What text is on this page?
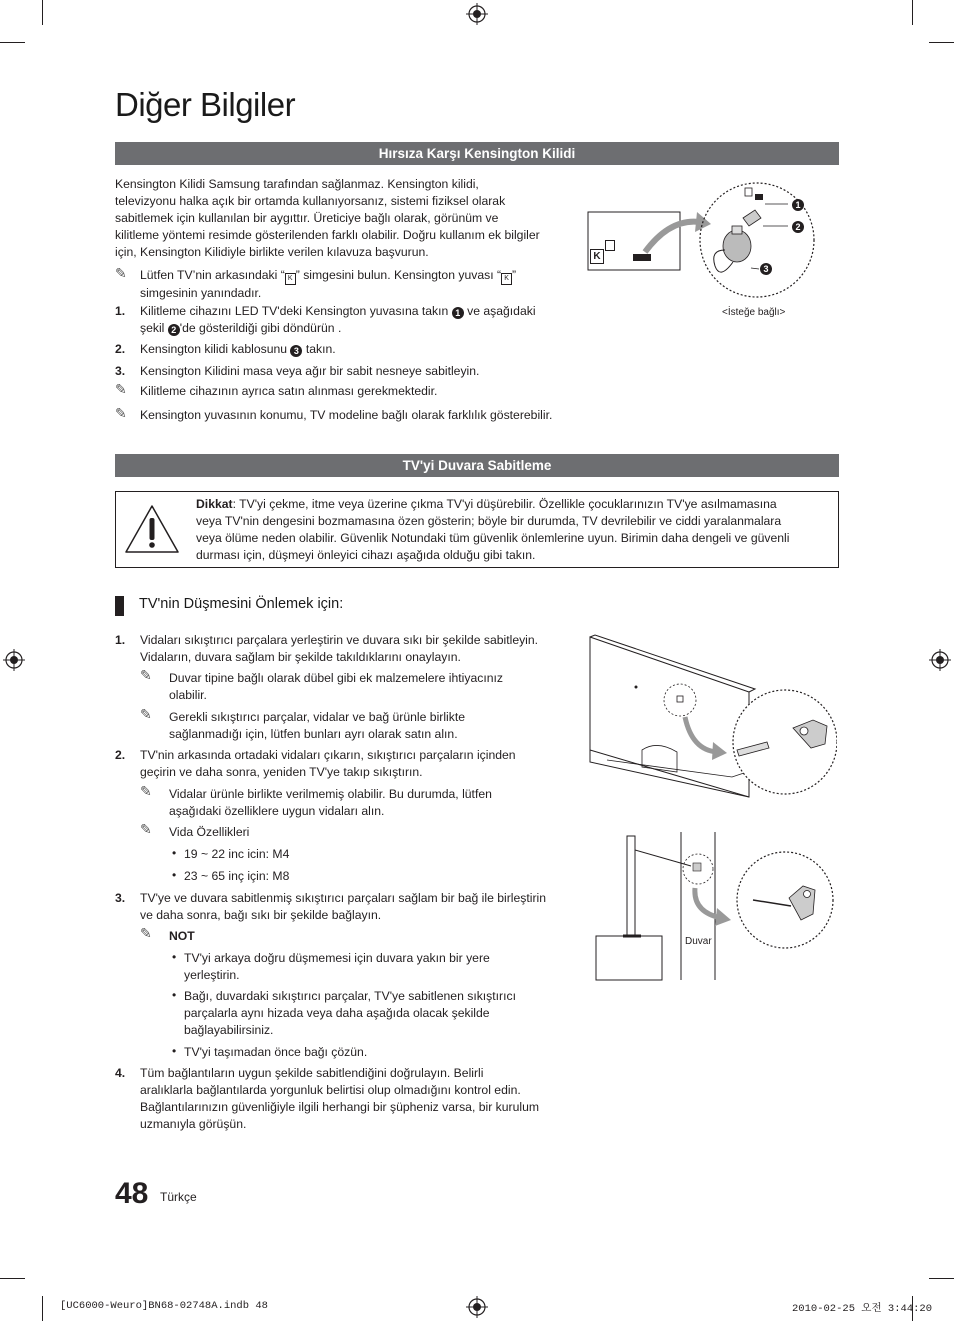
Diğer Bilgiler
Hırsıza Karşı Kensington Kilidi
Kensington Kilidi Samsung tarafından sağlanmaz. Kensington kilidi,
televizyonu halka açık bir ortamda kullanıyorsanız, sistemi fiziksel olarak
sabitlemek için kullanılan bir aygıttır. Üreticiye bağlı olarak, görünüm ve
kilitleme yöntemi resimde gösterilenden farklı olabilir. Doğru kullanım ek bilgiler
için, Kensington Kilidiyle birlikte verilen kılavuza başvurun.
✎ Lütfen TV’nin arkasındaki “ K ” simgesini bulun. Kensington yuvası “ K ”
simgesinin yanındadır.
1. Kilitleme cihazını LED TV'deki Kensington yuvasına takın 1 ve aşağıdaki
şekil 2 'de gösterildiği gibi döndürün .
2. Kensington kilidi kablosunu 3 takın.
3. Kensington Kilidini masa veya ağır bir sabit nesneye sabitleyin.
✎ Kilitleme cihazının ayrıca satın alınması gerekmektedir.
✎ Kensington yuvasının konumu, TV modeline bağlı olarak farklılık gösterebilir.
K
1
2
3
<İsteğe bağlı>
TV'yi Duvara Sabitleme
Dikkat: TV'yi çekme, itme veya üzerine çıkma TV'yi düşürebilir. Özellikle çocuklarınızın TV'ye asılmamasına
veya TV'nin dengesini bozmamasına özen gösterin; böyle bir durumda, TV devrilebilir ve ciddi yaralanmalara
veya ölüme neden olabilir. Güvenlik Notundaki tüm güvenlik önlemlerine uyun. Birimin daha dengeli ve güvenli
durması için, düşmeyi önleyici cihazı aşağıda olduğu gibi takın.
TV'nin Düşmesini Önlemek için:
1. Vidaları sıkıştırıcı parçalara yerleştirin ve duvara sıkı bir şekilde sabitleyin.
Vidaların, duvara sağlam bir şekilde takıldıklarını onaylayın.
✎ Duvar tipine bağlı olarak dübel gibi ek malzemelere ihtiyacınız
olabilir.
✎ Gerekli sıkıştırıcı parçalar, vidalar ve bağ ürünle birlikte
sağlanmadığı için, lütfen bunları ayrı olarak satın alın.
2. TV'nin arkasında ortadaki vidaları çıkarın, sıkıştırıcı parçaların içinden
geçirin ve daha sonra, yeniden TV'ye takıp sıkıştırın.
✎ Vidalar ürünle birlikte verilmemiş olabilir. Bu durumda, lütfen
aşağıdaki özelliklere uygun vidaları alın.
✎ Vida Özellikleri
• 19 ~ 22 inc icin: M4
• 23 ~ 65 inç için: M8
3. TV'ye ve duvara sabitlenmiş sıkıştırıcı parçaları sağlam bir bağ ile birleştirin
ve daha sonra, bağı sıkı bir şekilde bağlayın.
✎ NOT
• TV'yi arkaya doğru düşmemesi için duvara yakın bir yere
yerleştirin.
• Bağı, duvardaki sıkıştırıcı parçalar, TV'ye sabitlenen sıkıştırıcı
parçalarla aynı hizada veya daha aşağıda olacak şekilde
bağlayabilirsiniz.
• TV'yi taşımadan önce bağı çözün.
4. Tüm bağlantıların uygun şekilde sabitlendiğini doğrulayın. Belirli
aralıklarla bağlantılarda yorgunluk belirtisi olup olmadığını kontrol edin.
Bağlantılarınızın güvenliğiyle ilgili herhangi bir şüpheniz varsa, bir kurulum
uzmanıyla görüşün.
Duvar
48 Türkçe
[UC6000-Weuro]BN68-02748A.indb 48	2010-02-25 오전 3:44:20
